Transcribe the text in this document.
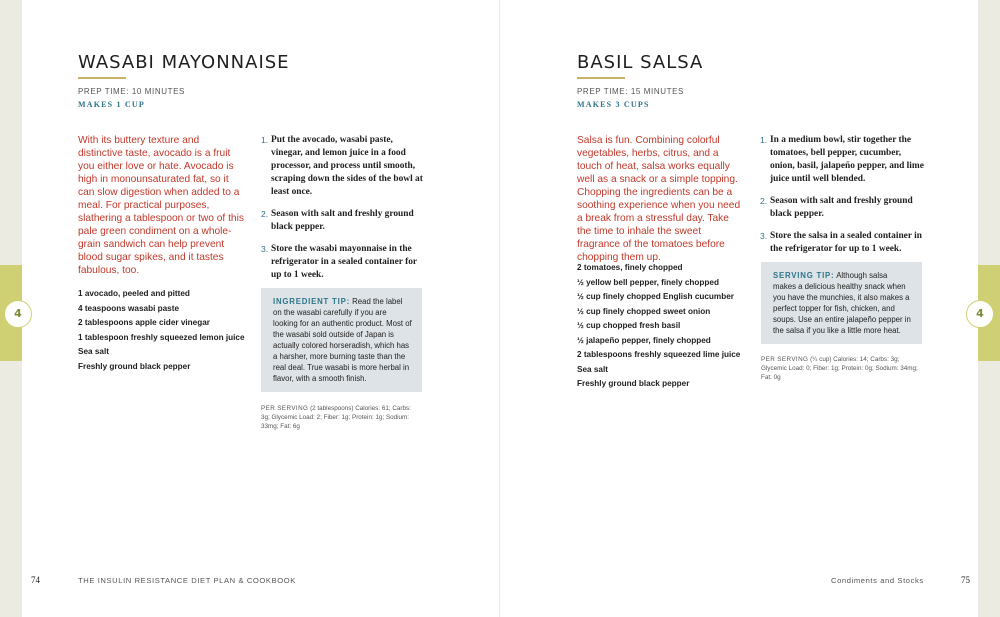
4	4
WASABI MAYONNAISE
PREP TIME: 10 MINUTES
MAKES 1 CUP

With its buttery texture and distinctive taste, avocado is a fruit you either love or hate. Avocado is high in monounsaturated fat, so it can slow digestion when added to a meal. For practical purposes, slathering a tablespoon or two of this pale green condiment on a whole-grain sandwich can help prevent blood sugar spikes, and it tastes fabulous, too.

1 avocado, peeled and pitted
4 teaspoons wasabi paste
2 tablespoons apple cider vinegar
1 tablespoon freshly squeezed lemon juice
Sea salt
Freshly ground black pepper
1. Put the avocado, wasabi paste, vinegar, and lemon juice in a food processor, and process until smooth, scraping down the sides of the bowl at least once.
2. Season with salt and freshly ground black pepper.
3. Store the wasabi mayonnaise in the refrigerator in a sealed container for up to 1 week.
INGREDIENT TIP: Read the label on the wasabi carefully if you are looking for an authentic product. Most of the wasabi sold outside of Japan is actually colored horseradish, which has a harsher, more burning taste than the real deal. True wasabi is more herbal in flavor, with a smooth finish.

PER SERVING (2 tablespoons) Calories: 61; Carbs: 3g; Glycemic Load: 2; Fiber: 1g; Protein: 1g; Sodium: 33mg; Fat: 6g

74	THE INSULIN RESISTANCE DIET PLAN & COOKBOOK
BASIL SALSA
PREP TIME: 15 MINUTES
MAKES 3 CUPS

Salsa is fun. Combining colorful vegetables, herbs, citrus, and a touch of heat, salsa works equally well as a snack or a simple topping. Chopping the ingredients can be a soothing experience when you need a break from a stressful day. Take the time to inhale the sweet fragrance of the tomatoes before chopping them up.

2 tomatoes, finely chopped
½ yellow bell pepper, finely chopped
½ cup finely chopped English cucumber
½ cup finely chopped sweet onion
½ cup chopped fresh basil
½ jalapeño pepper, finely chopped
2 tablespoons freshly squeezed lime juice
Sea salt
Freshly ground black pepper
1. In a medium bowl, stir together the tomatoes, bell pepper, cucumber, onion, basil, jalapeño pepper, and lime juice until well blended.
2. Season with salt and freshly ground black pepper.
3. Store the salsa in a sealed container in the refrigerator for up to 1 week.
SERVING TIP: Although salsa makes a delicious healthy snack when you have the munchies, it also makes a perfect topper for fish, chicken, and soups. Use an entire jalapeño pepper in the salsa if you like a little more heat.

PER SERVING (¼ cup) Calories: 14; Carbs: 3g; Glycemic Load: 0; Fiber: 1g; Protein: 0g; Sodium: 34mg; Fat: 0g

Condiments and Stocks	75
